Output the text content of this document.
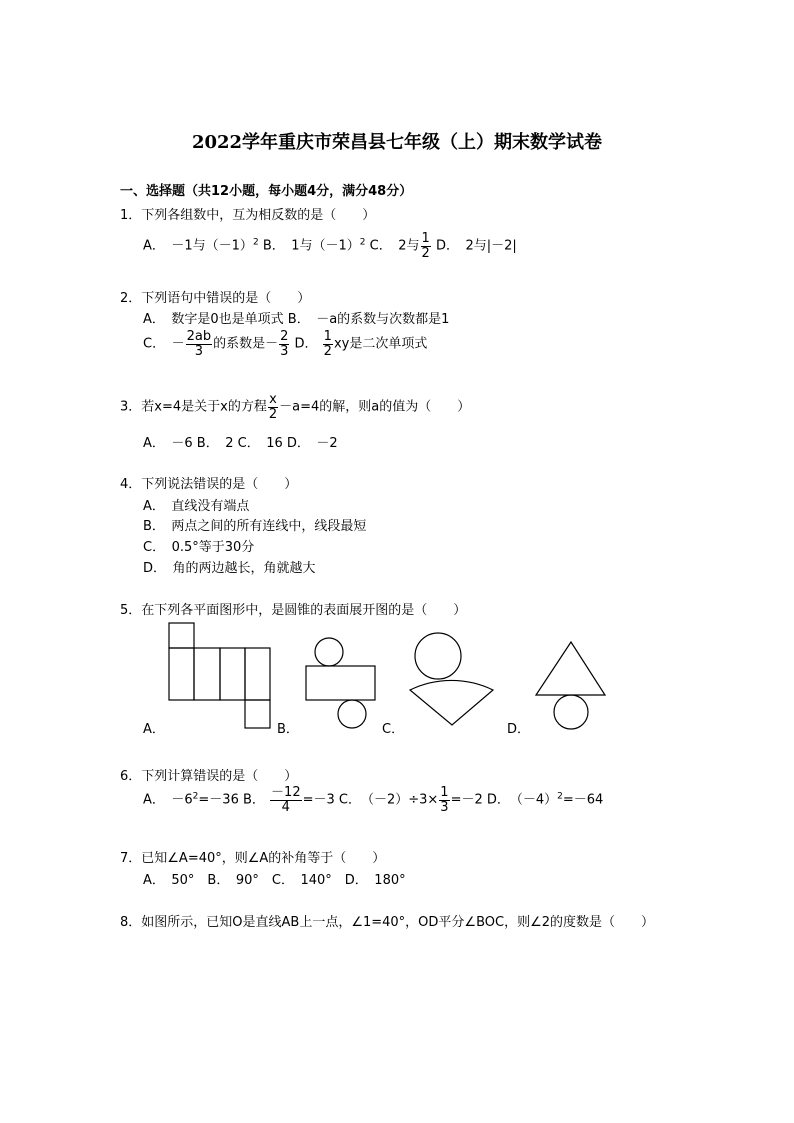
2022学年重庆市荣昌县七年级（上）期末数学试卷
一、选择题（共12小题，每小题4分，满分48分）
1．下列各组数中，互为相反数的是（　　）
A．　－1与$(-1)^2$ B．　1与$(-1)^2$ C．　2与 $\frac{1}{2}$ D．　2与|－2|
2．下列语句中错误的是（　　）
A．　数字是0也是单项式 B．　－a的系数与次数都是1
C．　－ $\frac{2ab}{3}$ 的系数是－ $\frac{2}{3}$ D． $\frac{1}{2}$ xy是二次单项式
3．若x=4是关于x的方程 $\frac{x}{2} -a=4$的解，则a的值为（　　）
A．　－6 B．　2 C．　16 D．　－2
4．下列说法错误的是（　　）
A．　直线没有端点
B．　两点之间的所有连线中，线段最短
C．　0.5°等于30分
D．　角的两边越长，角就越大
5．在下列各平面图形中，是圆锥的表面展开图的是（　　）
A．	B．	C．	D．
6．下列计算错误的是（　　）
A．　$-6^2=-36$ B． $\frac{-12}{4} =-3$ C．　$(-2)\div 3\times \frac{1}{3} =-2$ D．　$(-4)^2=-64$
7．已知∠A=40°，则∠A的补角等于（　　）
A．　50°　B．　90°　C．　140°　D．　180°
8．如图所示，已知O是直线AB上一点，∠1=40°，OD平分∠BOC，则∠2的度数是（　　）
